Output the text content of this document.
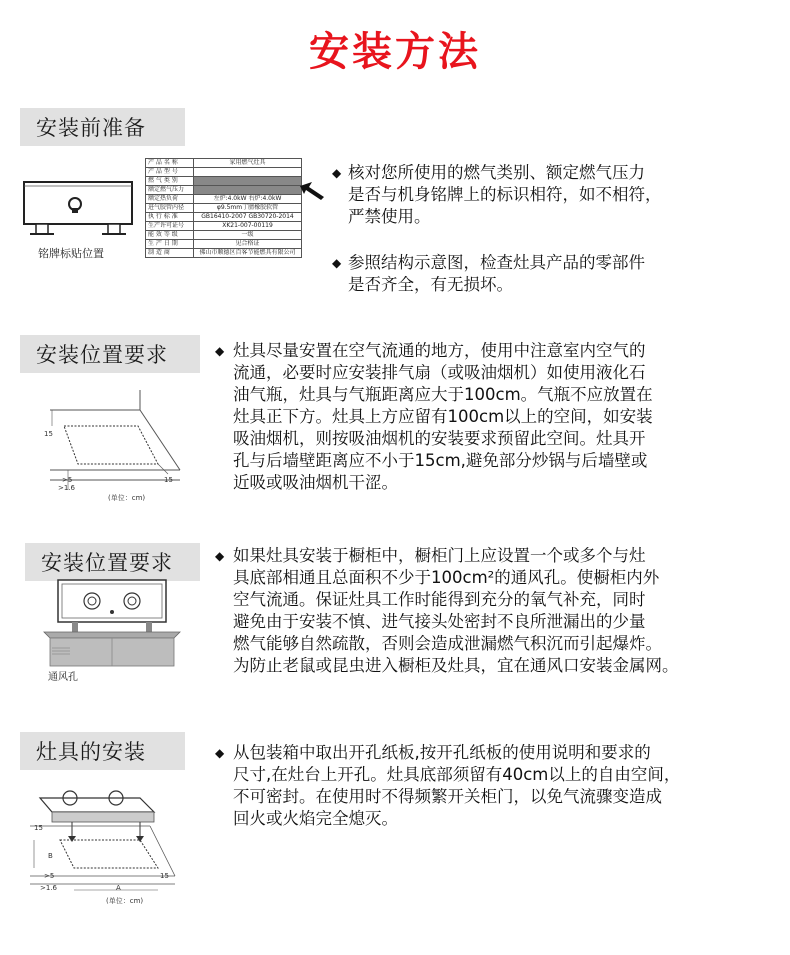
安装方法
安装前准备
铭牌标贴位置
产 品 名 称	家用燃气灶具
产 品 型 号	
燃 气 类 别	
额定燃气压力	
额定热负荷	左炉:4.0kW 右炉:4.0kW
进气胶管内径	φ9.5mm丁腈橡胶软管
执 行 标 准	GB16410-2007 GB30720-2014
生产许可证号	XK21-007-00119
能 效 等 级	一级
生 产 日 期	见合格证
制 造 商	佛山市顺德区百客节能燃具有限公司
◆ 核对您所使用的燃气类别、额定燃气压力
是否与机身铭牌上的标识相符，如不相符，
严禁使用。
◆ 参照结构示意图，检查灶具产品的零部件
是否齐全，有无损坏。
安装位置要求
15
>5
>1.6
15
(单位：cm)
◆ 灶具尽量安置在空气流通的地方，使用中注意室内空气的
流通，必要时应安装排气扇（或吸油烟机）如使用液化石
油气瓶，灶具与气瓶距离应大于100cm。气瓶不应放置在
灶具正下方。灶具上方应留有100cm以上的空间，如安装
吸油烟机，则按吸油烟机的安装要求预留此空间。灶具开
孔与后墙壁距离应不小于15cm,避免部分炒锅与后墙壁或
近吸或吸油烟机干涩。
安装位置要求
通风孔
◆ 如果灶具安装于橱柜中，橱柜门上应设置一个或多个与灶
具底部相通且总面积不少于100cm²的通风孔。使橱柜内外
空气流通。保证灶具工作时能得到充分的氧气补充，同时
避免由于安装不慎、进气接头处密封不良所泄漏出的少量
燃气能够自然疏散，否则会造成泄漏燃气积沉而引起爆炸。
为防止老鼠或昆虫进入橱柜及灶具，宜在通风口安装金属网。
灶具的安装
15
B
>5
>1.6	A
15
(单位：cm)
◆ 从包装箱中取出开孔纸板,按开孔纸板的使用说明和要求的
尺寸,在灶台上开孔。灶具底部须留有40cm以上的自由空间，
不可密封。在使用时不得频繁开关柜门，以免气流骤变造成
回火或火焰完全熄灭。
